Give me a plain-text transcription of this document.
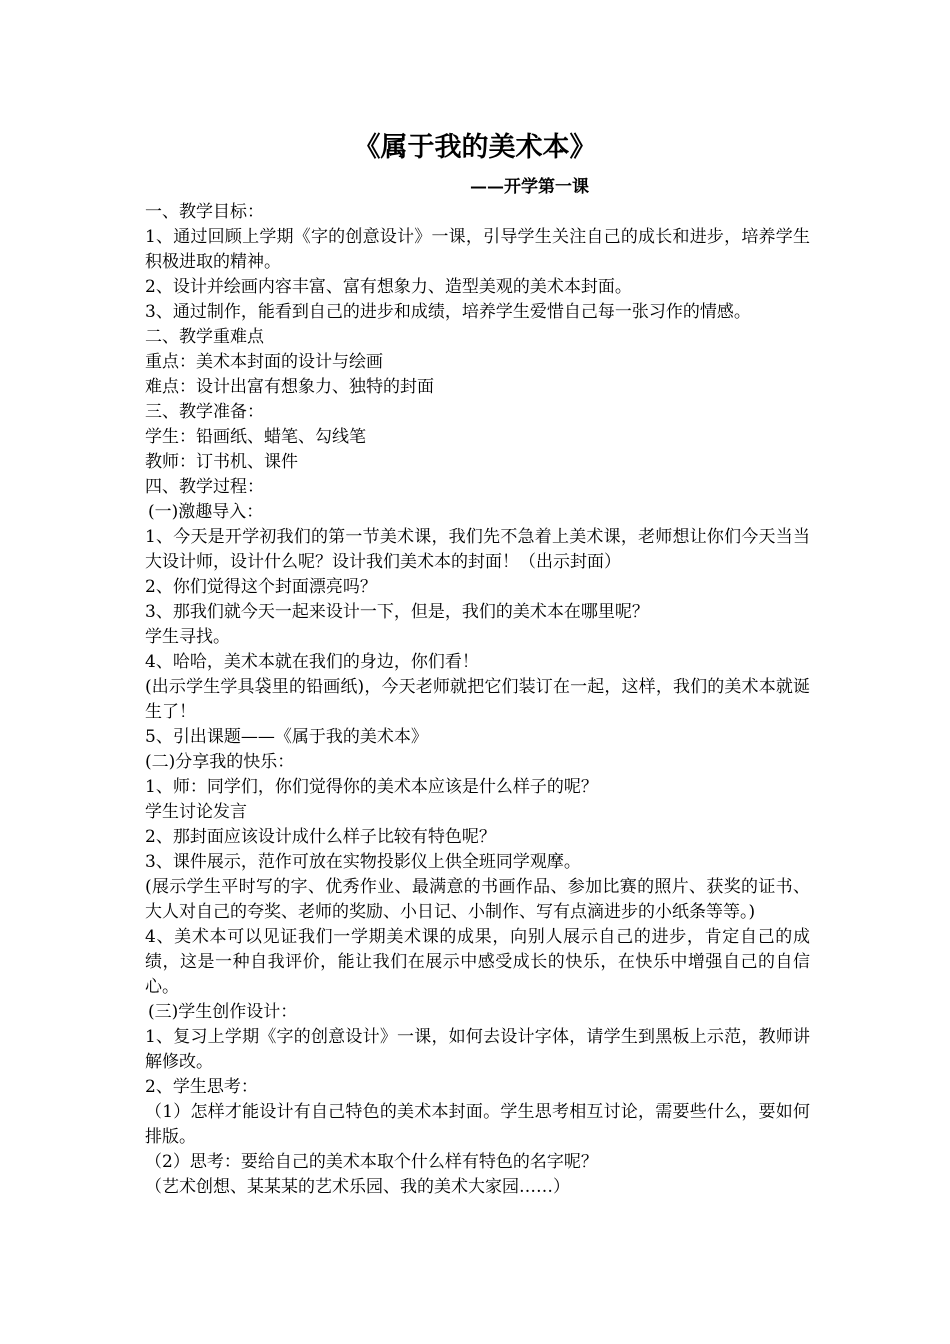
《属于我的美术本》
——开学第一课

一、教学目标：

1、通过回顾上学期《字的创意设计》一课，引导学生关注自己的成长和进步，培养学生积极进取的精神。

2、设计并绘画内容丰富、富有想象力、造型美观的美术本封面。

3、通过制作，能看到自己的进步和成绩，培养学生爱惜自己每一张习作的情感。

二、教学重难点

重点：美术本封面的设计与绘画

难点：设计出富有想象力、独特的封面

三、教学准备：

学生：铅画纸、蜡笔、勾线笔

教师：订书机、课件

四、教学过程：

(一)激趣导入：

1、今天是开学初我们的第一节美术课，我们先不急着上美术课，老师想让你们今天当当大设计师，设计什么呢？设计我们美术本的封面！（出示封面）

2、你们觉得这个封面漂亮吗？

3、那我们就今天一起来设计一下，但是，我们的美术本在哪里呢？

学生寻找。

4、哈哈，美术本就在我们的身边，你们看！

(出示学生学具袋里的铅画纸)，今天老师就把它们装订在一起，这样，我们的美术本就诞生了！

5、引出课题——《属于我的美术本》

(二)分享我的快乐：

1、师：同学们，你们觉得你的美术本应该是什么样子的呢？

学生讨论发言

2、那封面应该设计成什么样子比较有特色呢？

3、课件展示，范作可放在实物投影仪上供全班同学观摩。

(展示学生平时写的字、优秀作业、最满意的书画作品、参加比赛的照片、获奖的证书、大人对自己的夸奖、老师的奖励、小日记、小制作、写有点滴进步的小纸条等等。)

4、美术本可以见证我们一学期美术课的成果，向别人展示自己的进步，肯定自己的成绩，这是一种自我评价，能让我们在展示中感受成长的快乐，在快乐中增强自己的自信心。

(三)学生创作设计：

1、复习上学期《字的创意设计》一课，如何去设计字体，请学生到黑板上示范，教师讲解修改。

2、学生思考：

（1）怎样才能设计有自己特色的美术本封面。学生思考相互讨论，需要些什么，要如何排版。

（2）思考：要给自己的美术本取个什么样有特色的名字呢？

（艺术创想、某某某的艺术乐园、我的美术大家园……）
